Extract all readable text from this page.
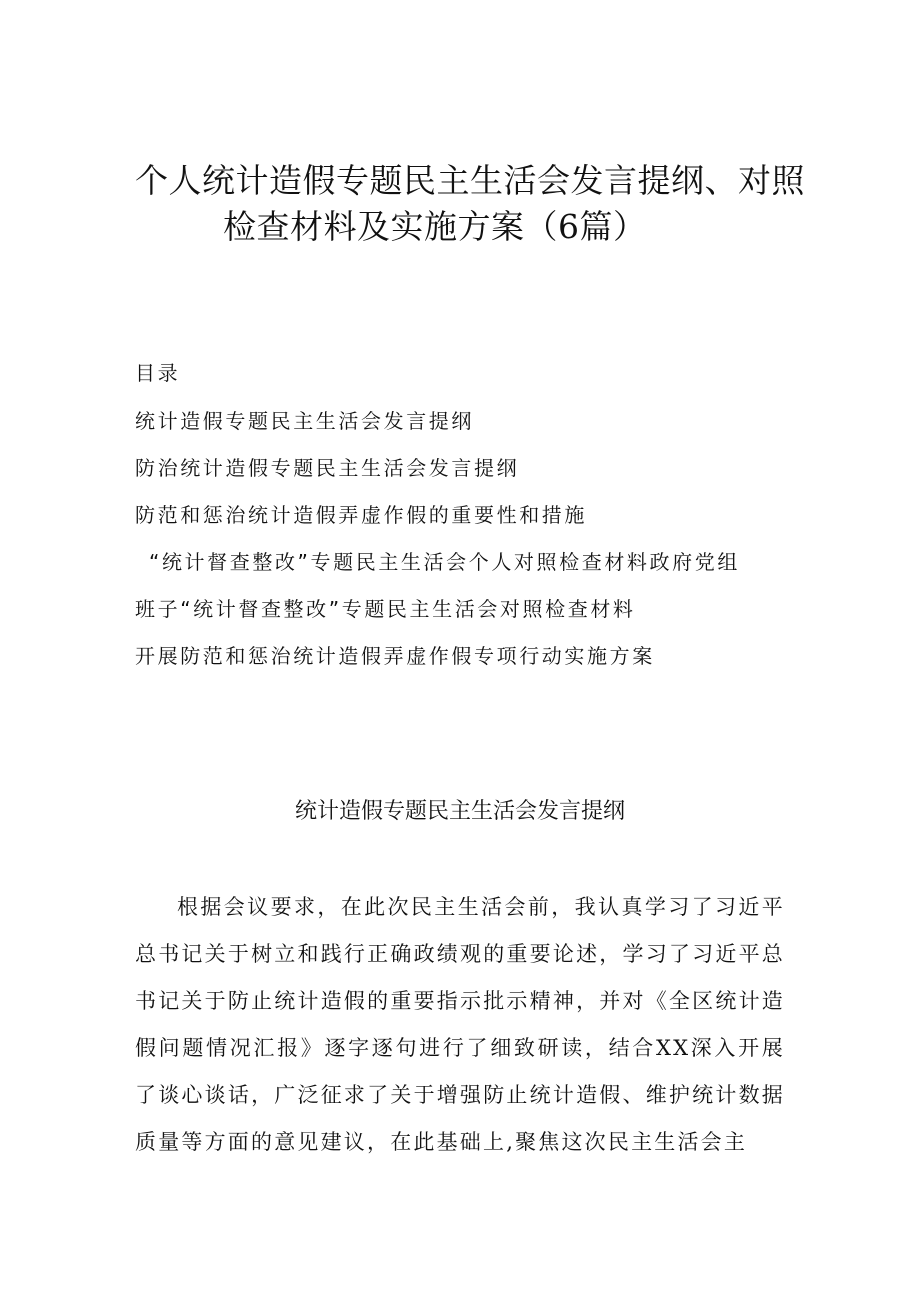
个人统计造假专题民主生活会发言提纲、对照
检查材料及实施方案（6篇）
目录
统计造假专题民主生活会发言提纲
防治统计造假专题民主生活会发言提纲
防范和惩治统计造假弄虚作假的重要性和措施
“统计督查整改”专题民主生活会个人对照检查材料政府党组
班子“统计督查整改”专题民主生活会对照检查材料
开展防范和惩治统计造假弄虚作假专项行动实施方案
统计造假专题民主生活会发言提纲

根据会议要求，在此次民主生活会前，我认真学习了习近平总书记关于树立和践行正确政绩观的重要论述，学习了习近平总书记关于防止统计造假的重要指示批示精神，并对《全区统计造假问题情况汇报》逐字逐句进行了细致研读，结合XX深入开展了谈心谈话，广泛征求了关于增强防止统计造假、维护统计数据质量等方面的意见建议，在此基础上,聚焦这次民主生活会主
